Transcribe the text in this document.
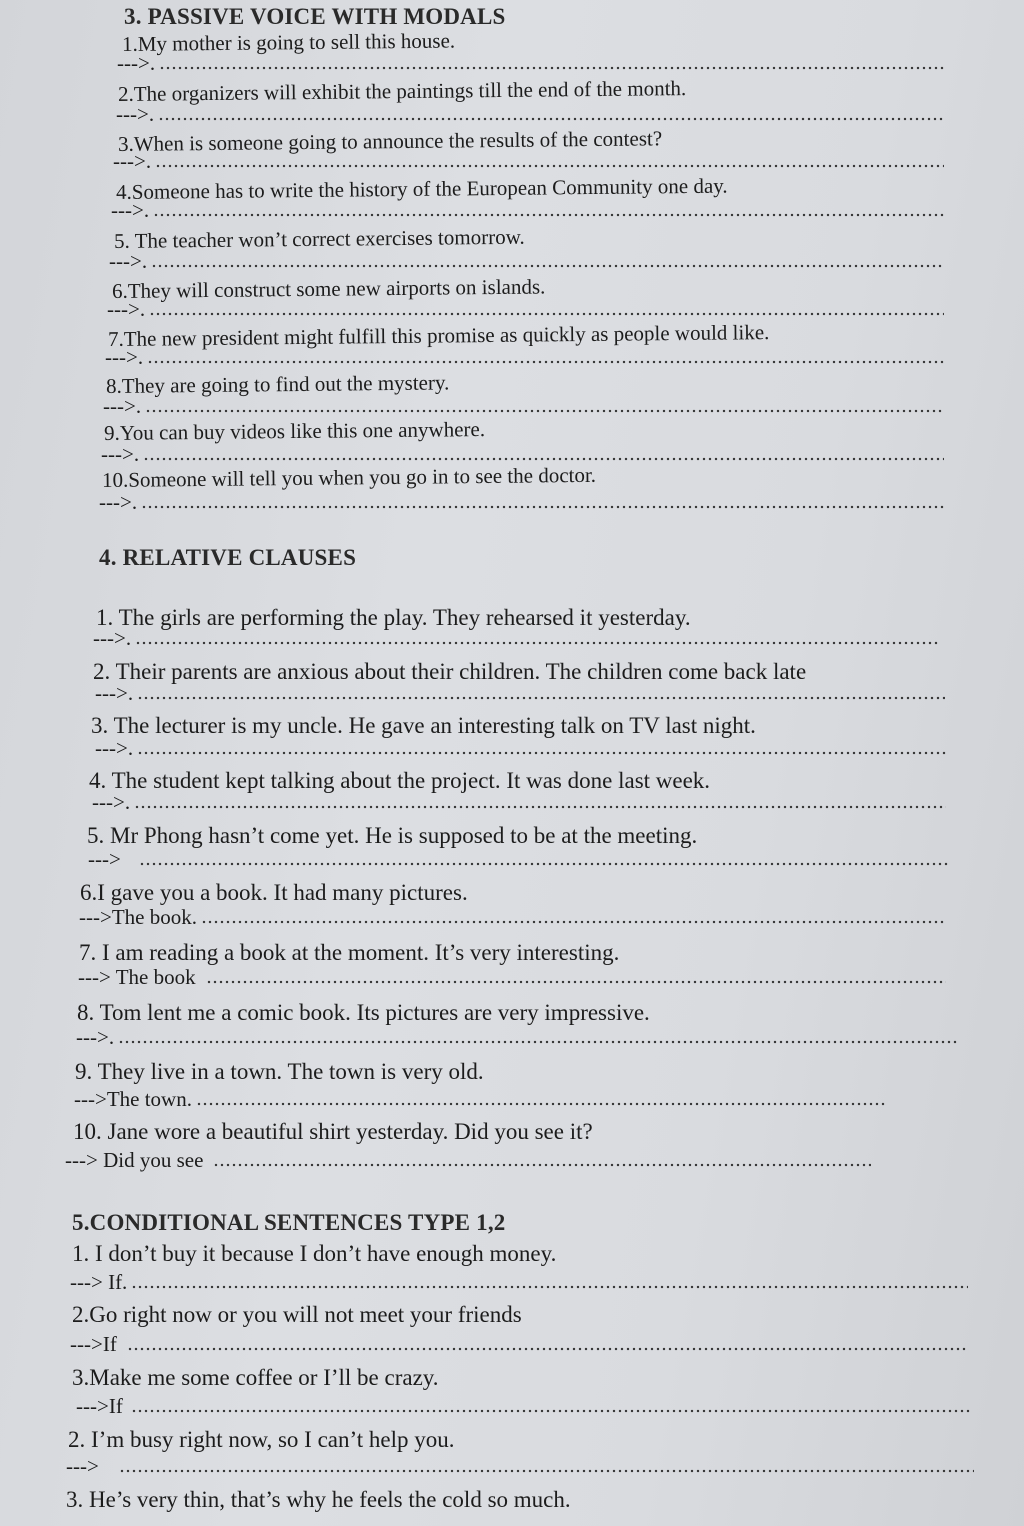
3. PASSIVE VOICE WITH MODALS
1.My mother is going to sell this house.
--->.
2.The organizers will exhibit the paintings till the end of the month.
--->.
3.When is someone going to announce the results of the contest?
--->.
4.Someone has to write the history of the European Community one day.
--->.
5. The teacher won’t correct exercises tomorrow.
--->.
6.They will construct some new airports on islands.
--->.
7.The new president might fulfill this promise as quickly as people would like.
--->.
8.They are going to find out the mystery.
--->.
9.You can buy videos like this one anywhere.
--->.
10.Someone will tell you when you go in to see the doctor.
--->.
4. RELATIVE CLAUSES
1. The girls are performing the play. They rehearsed it yesterday.
--->.
2. Their parents are anxious about their children. The children come back late
--->.
3. The lecturer is my uncle. He gave an interesting talk on TV last night.
--->.
4. The student kept talking about the project. It was done last week.
--->.
5. Mr Phong hasn’t come yet. He is supposed to be at the meeting.
--->
6.I gave you a book. It had many pictures.
--->The book.
7. I am reading a book at the moment. It’s very interesting.
---> The book
8. Tom lent me a comic book. Its pictures are very impressive.
--->.
9. They live in a town. The town is very old.
--->The town.
10. Jane wore a beautiful shirt yesterday. Did you see it?
---> Did you see
5.CONDITIONAL SENTENCES TYPE 1,2
1. I don’t buy it because I don’t have enough money.
---> If.
2.Go right now or you will not meet your friends
--->If
3.Make me some coffee or I’ll be crazy.
--->If
2. I’m busy right now, so I can’t help you.
--->
3. He’s very thin, that’s why he feels the cold so much.
